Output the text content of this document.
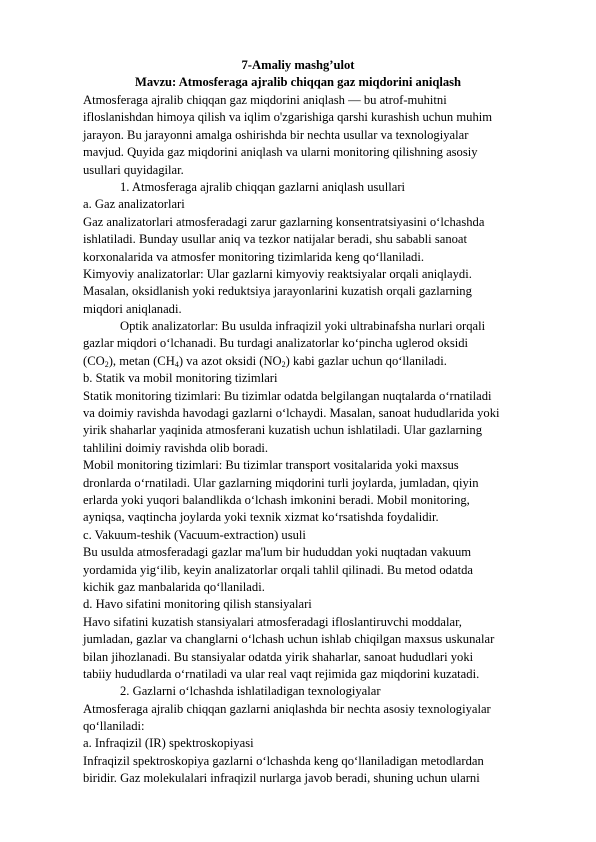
7-Amaliy mashg’ulot
Mavzu: Atmosferaga ajralib chiqqan gaz miqdorini aniqlash
Atmosferaga ajralib chiqqan gaz miqdorini aniqlash — bu atrof-muhitni
ifloslanishdan himoya qilish va iqlim o'zgarishiga qarshi kurashish uchun muhim
jarayon. Bu jarayonni amalga oshirishda bir nechta usullar va texnologiyalar
mavjud. Quyida gaz miqdorini aniqlash va ularni monitoring qilishning asosiy
usullari quyidagilar.
1. Atmosferaga ajralib chiqqan gazlarni aniqlash usullari
a. Gaz analizatorlari
Gaz analizatorlari atmosferadagi zarur gazlarning konsentratsiyasini o‘lchashda
ishlatiladi. Bunday usullar aniq va tezkor natijalar beradi, shu sababli sanoat
korxonalarida va atmosfer monitoring tizimlarida keng qo‘llaniladi.
Kimyoviy analizatorlar: Ular gazlarni kimyoviy reaktsiyalar orqali aniqlaydi.
Masalan, oksidlanish yoki reduktsiya jarayonlarini kuzatish orqali gazlarning
miqdori aniqlanadi.
Optik analizatorlar: Bu usulda infraqizil yoki ultrabinafsha nurlari orqali
gazlar miqdori o‘lchanadi. Bu turdagi analizatorlar ko‘pincha uglerod oksidi
$(CO_2)$, metan $(CH_4)$ va azot oksidi $(NO_2)$ kabi gazlar uchun qo‘llaniladi.
b. Statik va mobil monitoring tizimlari
Statik monitoring tizimlari: Bu tizimlar odatda belgilangan nuqtalarda o‘rnatiladi
va doimiy ravishda havodagi gazlarni o‘lchaydi. Masalan, sanoat hududlarida yoki
yirik shaharlar yaqinida atmosferani kuzatish uchun ishlatiladi. Ular gazlarning
tahlilini doimiy ravishda olib boradi.
Mobil monitoring tizimlari: Bu tizimlar transport vositalarida yoki maxsus
dronlarda o‘rnatiladi. Ular gazlarning miqdorini turli joylarda, jumladan, qiyin
erlarda yoki yuqori balandlikda o‘lchash imkonini beradi. Mobil monitoring,
ayniqsa, vaqtincha joylarda yoki texnik xizmat ko‘rsatishda foydalidir.
c. Vakuum-teshik (Vacuum-extraction) usuli
Bu usulda atmosferadagi gazlar ma'lum bir hududdan yoki nuqtadan vakuum
yordamida yig‘ilib, keyin analizatorlar orqali tahlil qilinadi. Bu metod odatda
kichik gaz manbalarida qo‘llaniladi.
d. Havo sifatini monitoring qilish stansiyalari
Havo sifatini kuzatish stansiyalari atmosferadagi ifloslantiruvchi moddalar,
jumladan, gazlar va changlarni o‘lchash uchun ishlab chiqilgan maxsus uskunalar
bilan jihozlanadi. Bu stansiyalar odatda yirik shaharlar, sanoat hududlari yoki
tabiiy hududlarda o‘rnatiladi va ular real vaqt rejimida gaz miqdorini kuzatadi.
2. Gazlarni o‘lchashda ishlatiladigan texnologiyalar
Atmosferaga ajralib chiqqan gazlarni aniqlashda bir nechta asosiy texnologiyalar
qo‘llaniladi:
a. Infraqizil (IR) spektroskopiyasi
Infraqizil spektroskopiya gazlarni o‘lchashda keng qo‘llaniladigan metodlardan
biridir. Gaz molekulalari infraqizil nurlarga javob beradi, shuning uchun ularni
